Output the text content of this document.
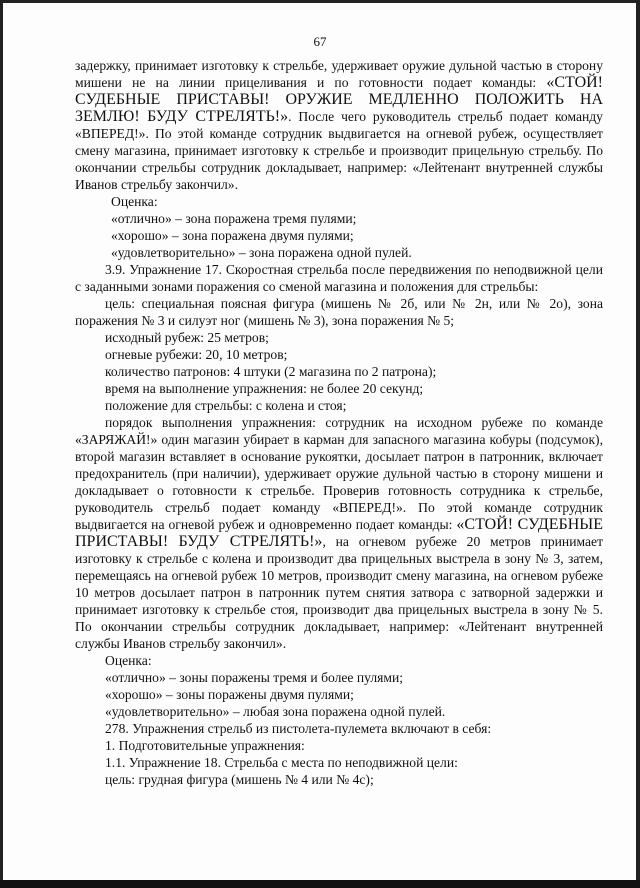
67

задержку, принимает изготовку к стрельбе, удерживает оружие дульной частью в сторону мишени не на линии прицеливания и по готовности подает команды: «СТОЙ! СУДЕБНЫЕ ПРИСТАВЫ! ОРУЖИЕ МЕДЛЕННО ПОЛОЖИТЬ НА ЗЕМЛЮ! БУДУ СТРЕЛЯТЬ!». После чего руководитель стрельб подает команду «ВПЕРЕД!». По этой команде сотрудник выдвигается на огневой рубеж, осуществляет смену магазина, принимает изготовку к стрельбе и производит прицельную стрельбу. По окончании стрельбы сотрудник докладывает, например: «Лейтенант внутренней службы Иванов стрельбу закончил».

Оценка:

«отлично» – зона поражена тремя пулями;

«хорошо» – зона поражена двумя пулями;

«удовлетворительно» – зона поражена одной пулей.

3.9. Упражнение 17. Скоростная стрельба после передвижения по неподвижной цели с заданными зонами поражения со сменой магазина и положения для стрельбы:

цель: специальная поясная фигура (мишень № 2б, или № 2н, или № 2о), зона поражения № 3 и силуэт ног (мишень № 3), зона поражения № 5;

исходный рубеж: 25 метров;

огневые рубежи: 20, 10 метров;

количество патронов: 4 штуки (2 магазина по 2 патрона);

время на выполнение упражнения: не более 20 секунд;

положение для стрельбы: с колена и стоя;

порядок выполнения упражнения: сотрудник на исходном рубеже по команде «ЗАРЯЖАЙ!» один магазин убирает в карман для запасного магазина кобуры (подсумок), второй магазин вставляет в основание рукоятки, досылает патрон в патронник, включает предохранитель (при наличии), удерживает оружие дульной частью в сторону мишени и докладывает о готовности к стрельбе. Проверив готовность сотрудника к стрельбе, руководитель стрельб подает команду «ВПЕРЕД!». По этой команде сотрудник выдвигается на огневой рубеж и одновременно подает команды: «СТОЙ! СУДЕБНЫЕ ПРИСТАВЫ! БУДУ СТРЕЛЯТЬ!», на огневом рубеже 20 метров принимает изготовку к стрельбе с колена и производит два прицельных выстрела в зону № 3, затем, перемещаясь на огневой рубеж 10 метров, производит смену магазина, на огневом рубеже 10 метров досылает патрон в патронник путем снятия затвора с затворной задержки и принимает изготовку к стрельбе стоя, производит два прицельных выстрела в зону № 5. По окончании стрельбы сотрудник докладывает, например: «Лейтенант внутренней службы Иванов стрельбу закончил».

Оценка:

«отлично» – зоны поражены тремя и более пулями;

«хорошо» – зоны поражены двумя пулями;

«удовлетворительно» – любая зона поражена одной пулей.

278. Упражнения стрельб из пистолета-пулемета включают в себя:

1. Подготовительные упражнения:

1.1. Упражнение 18. Стрельба с места по неподвижной цели:

цель: грудная фигура (мишень № 4 или № 4с);
